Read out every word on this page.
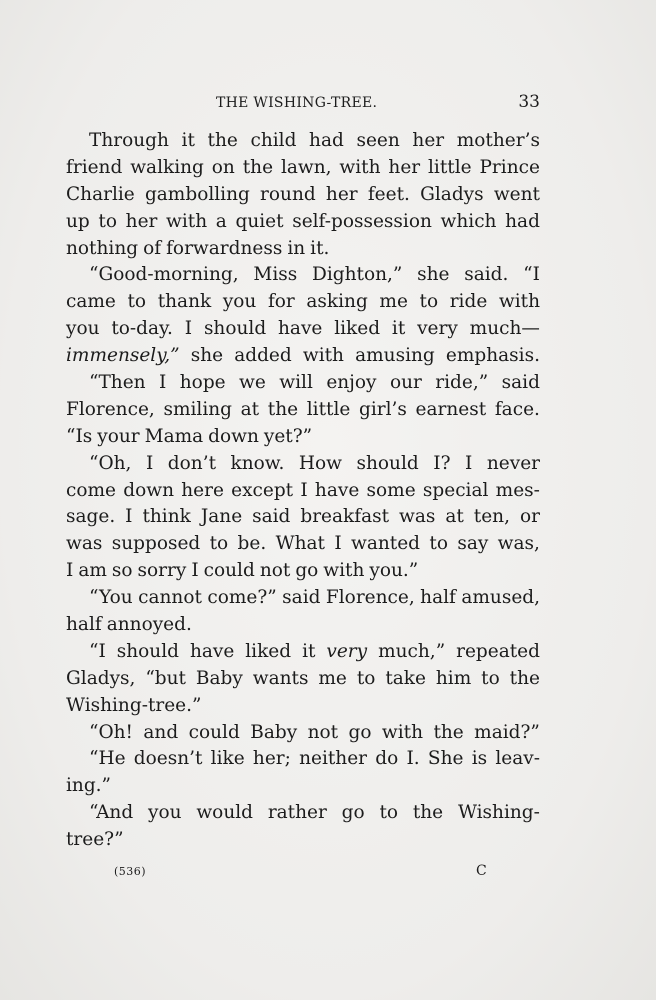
THE WISHING-TREE.	33
Through it the child had seen her mother’s
friend walking on the lawn, with her little Prince
Charlie gambolling round her feet. Gladys went
up to her with a quiet self-possession which had
nothing of forwardness in it.
“Good-morning, Miss Dighton,” she said. “I
came to thank you for asking me to ride with
you to-day. I should have liked it very much—
immensely,” she added with amusing emphasis.
“Then I hope we will enjoy our ride,” said
Florence, smiling at the little girl’s earnest face.
“Is your Mama down yet?”
“Oh, I don’t know. How should I? I never
come down here except I have some special mes-
sage. I think Jane said breakfast was at ten, or
was supposed to be. What I wanted to say was,
I am so sorry I could not go with you.”
“You cannot come?” said Florence, half amused,
half annoyed.
“I should have liked it very much,” repeated
Gladys, “but Baby wants me to take him to the
Wishing-tree.”
“Oh! and could Baby not go with the maid?”
“He doesn’t like her; neither do I. She is leav-
ing.”
“And you would rather go to the Wishing-
tree?”
(536)	C
